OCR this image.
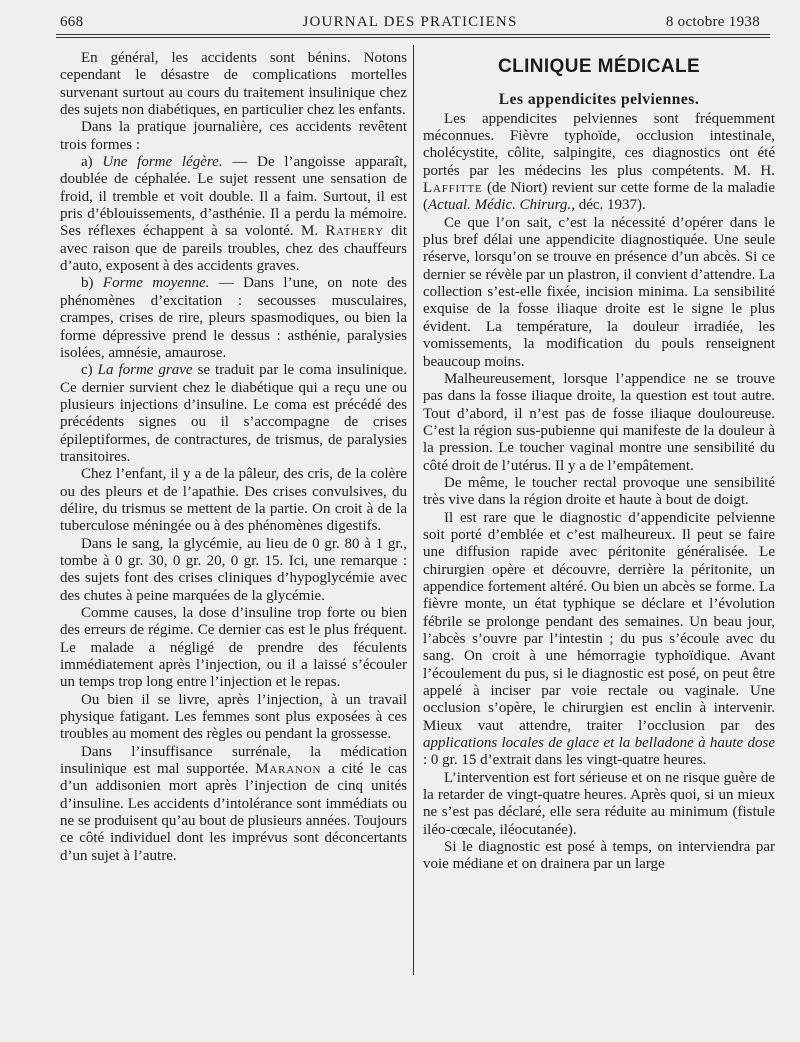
668	JOURNAL DES PRATICIENS	8 octobre 1938

En général, les accidents sont bénins. Notons cependant le désastre de complications mortelles survenant surtout au cours du traitement insulinique chez des sujets non diabétiques, en particulier chez les enfants.

Dans la pratique journalière, ces accidents revêtent trois formes :

a) Une forme légère. — De l’angoisse apparaît, doublée de céphalée. Le sujet ressent une sensation de froid, il tremble et voit double. Il a faim. Surtout, il est pris d’éblouissements, d’asthénie. Il a perdu la mémoire. Ses réflexes échappent à sa volonté. M. Rathery dit avec raison que de pareils troubles, chez des chauffeurs d’auto, exposent à des accidents graves.

b) Forme moyenne. — Dans l’une, on note des phénomènes d’excitation : secousses musculaires, crampes, crises de rire, pleurs spasmodiques, ou bien la forme dépressive prend le dessus : asthénie, paralysies isolées, amnésie, amaurose.

c) La forme grave se traduit par le coma insulinique. Ce dernier survient chez le diabétique qui a reçu une ou plusieurs injections d’insuline. Le coma est précédé des précédents signes ou il s’accompagne de crises épileptiformes, de contractures, de trismus, de paralysies transitoires.

Chez l’enfant, il y a de la pâleur, des cris, de la colère ou des pleurs et de l’apathie. Des crises convulsives, du délire, du trismus se mettent de la partie. On croit à de la tuberculose méningée ou à des phénomènes digestifs.

Dans le sang, la glycémie, au lieu de 0 gr. 80 à 1 gr., tombe à 0 gr. 30, 0 gr. 20, 0 gr. 15. Ici, une remarque : des sujets font des crises cliniques d’hypoglycémie avec des chutes à peine marquées de la glycémie.

Comme causes, la dose d’insuline trop forte ou bien des erreurs de régime. Ce dernier cas est le plus fréquent. Le malade a négligé de prendre des féculents immédiatement après l’injection, ou il a laissé s’écouler un temps trop long entre l’injection et le repas.

Ou bien il se livre, après l’injection, à un travail physique fatigant. Les femmes sont plus exposées à ces troubles au moment des règles ou pendant la grossesse.

Dans l’insuffisance surrénale, la médication insulinique est mal supportée. Maranon a cité le cas d’un addisonien mort après l’injection de cinq unités d’insuline. Les accidents d’intolérance sont immédiats ou ne se produisent qu’au bout de plusieurs années. Toujours ce côté individuel dont les imprévus sont déconcertants d’un sujet à l’autre.

CLINIQUE MÉDICALE
Les appendicites pelviennes.

Les appendicites pelviennes sont fréquemment méconnues. Fièvre typhoïde, occlusion intestinale, cholécystite, côlite, salpingite, ces diagnostics ont été portés par les médecins les plus compétents. M. H. Laffitte (de Niort) revient sur cette forme de la maladie (Actual. Médic. Chirurg., déc. 1937).

Ce que l’on sait, c’est la nécessité d’opérer dans le plus bref délai une appendicite diagnostiquée. Une seule réserve, lorsqu’on se trouve en présence d’un abcès. Si ce dernier se révèle par un plastron, il convient d’attendre. La collection s’est-elle fixée, incision minima. La sensibilité exquise de la fosse iliaque droite est le signe le plus évident. La température, la douleur irradiée, les vomissements, la modification du pouls renseignent beaucoup moins.

Malheureusement, lorsque l’appendice ne se trouve pas dans la fosse iliaque droite, la question est tout autre. Tout d’abord, il n’est pas de fosse iliaque douloureuse. C’est la région sus-pubienne qui manifeste de la douleur à la pression. Le toucher vaginal montre une sensibilité du côté droit de l’utérus. Il y a de l’empâtement.

De même, le toucher rectal provoque une sensibilité très vive dans la région droite et haute à bout de doigt.

Il est rare que le diagnostic d’appendicite pelvienne soit porté d’emblée et c’est malheureux. Il peut se faire une diffusion rapide avec péritonite généralisée. Le chirurgien opère et découvre, derrière la péritonite, un appendice fortement altéré. Ou bien un abcès se forme. La fièvre monte, un état typhique se déclare et l’évolution fébrile se prolonge pendant des semaines. Un beau jour, l’abcès s’ouvre par l’intestin ; du pus s’écoule avec du sang. On croit à une hémorragie typhoïdique. Avant l’écoulement du pus, si le diagnostic est posé, on peut être appelé à inciser par voie rectale ou vaginale. Une occlusion s’opère, le chirurgien est enclin à intervenir. Mieux vaut attendre, traiter l’occlusion par des applications locales de glace et la belladone à haute dose : 0 gr. 15 d’extrait dans les vingt-quatre heures.

L’intervention est fort sérieuse et on ne risque guère de la retarder de vingt-quatre heures. Après quoi, si un mieux ne s’est pas déclaré, elle sera réduite au minimum (fistule iléo-cœcale, iléocutanée).

Si le diagnostic est posé à temps, on interviendra par voie médiane et on drainera par un large
